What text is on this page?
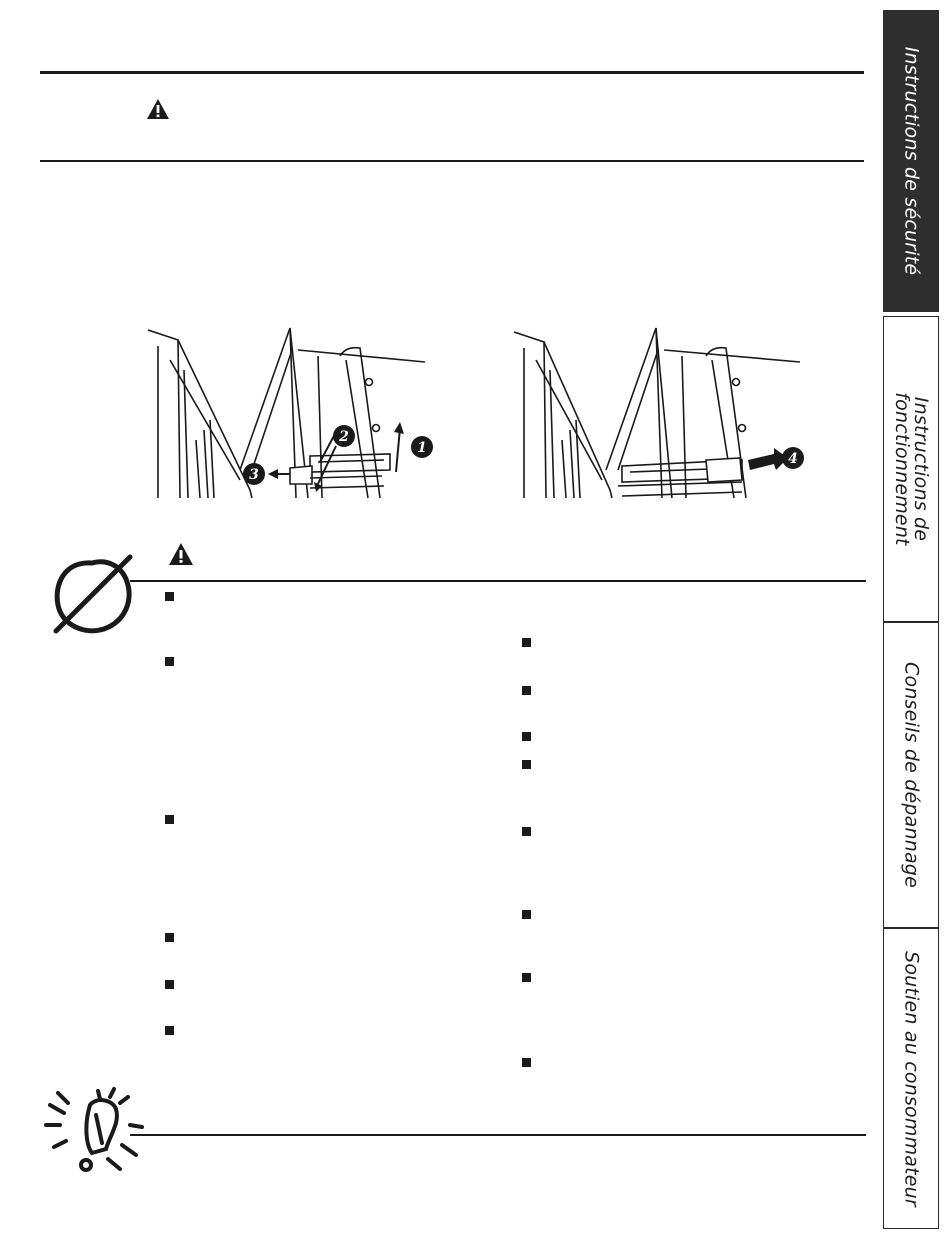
1
2
3
4
Instructions de sécurité
Instructions de
fonctionnement
Conseils de dépannage
Soutien au consommateur
